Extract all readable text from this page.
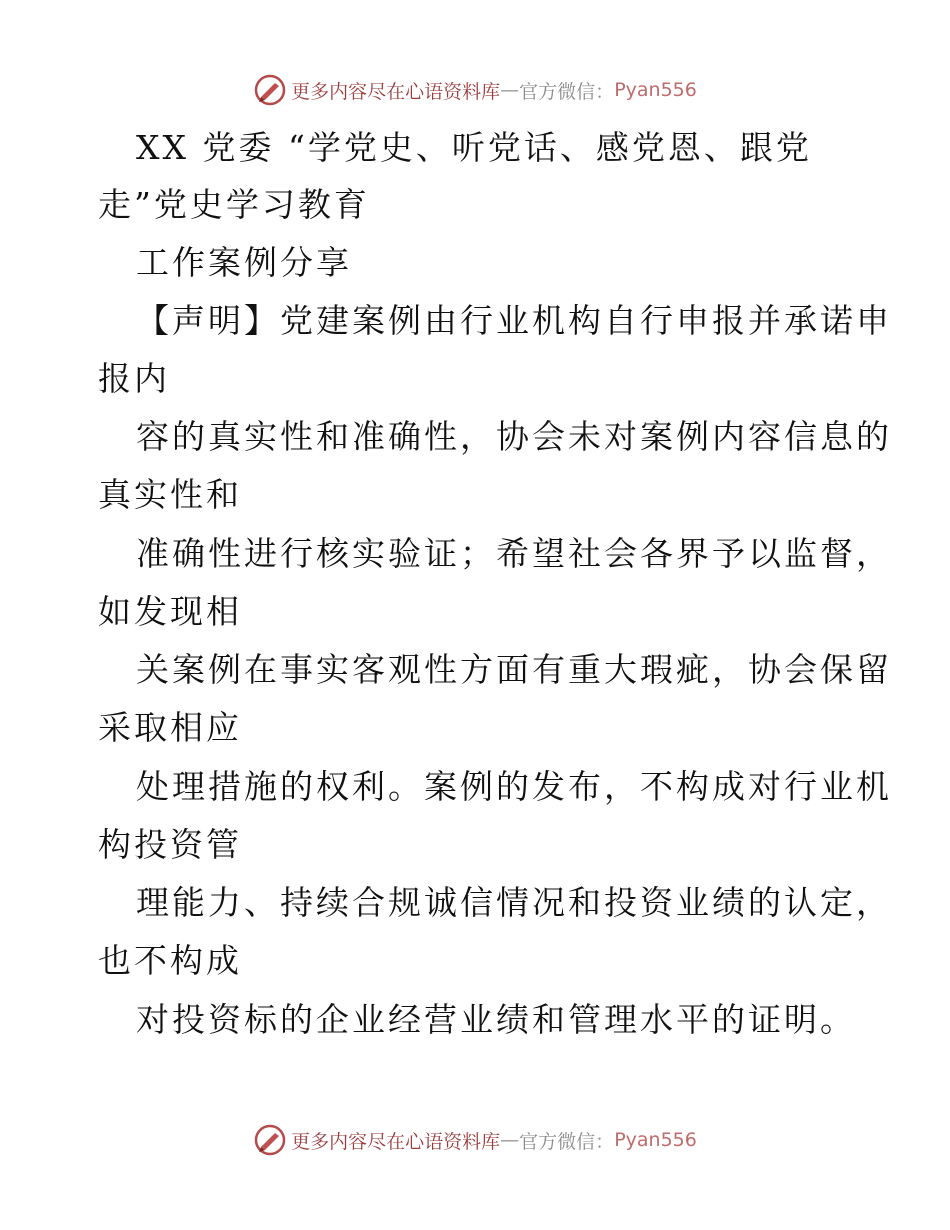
更多内容尽在心语资料库 — 官方微信： Pyan556
XX 党委 “学党史、听党话、感党恩、跟党
走”党史学习教育
工作案例分享
【声明】党建案例由行业机构自行申报并承诺申
报内
容的真实性和准确性，协会未对案例内容信息的
真实性和
准确性进行核实验证；希望社会各界予以监督，
如发现相
关案例在事实客观性方面有重大瑕疵，协会保留
采取相应
处理措施的权利。案例的发布，不构成对行业机
构投资管
理能力、持续合规诚信情况和投资业绩的认定，
也不构成
对投资标的企业经营业绩和管理水平的证明。
更多内容尽在心语资料库 — 官方微信： Pyan556
